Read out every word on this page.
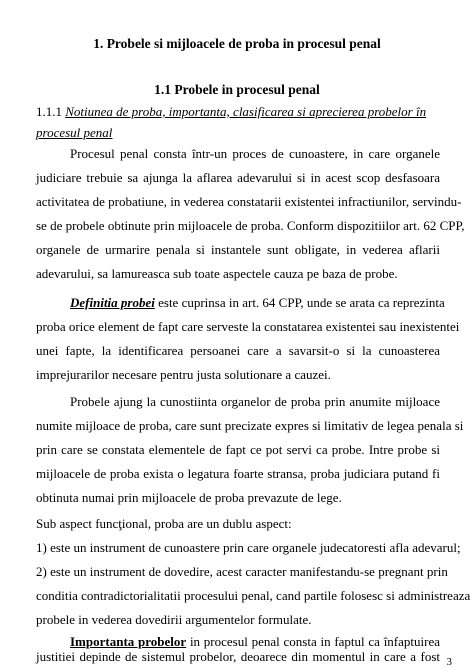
1. Probele si mijloacele de proba in procesul penal
1.1 Probele in procesul penal
1.1.1 Notiunea de proba, importanta, clasificarea si aprecierea probelor în
procesul penal
Procesul penal consta într-un proces de cunoastere, in care organele
judiciare trebuie sa ajunga la aflarea adevarului si in acest scop desfasoara
activitatea de probatiune, in vederea constatarii existentei infractiunilor, servindu-
se de probele obtinute prin mijloacele de proba. Conform dispozitiilor art. 62 CPP,
organele de urmarire penala si instantele sunt obligate, in vederea aflarii
adevarului, sa lamureasca sub toate aspectele cauza pe baza de probe.
Definitia probei este cuprinsa in art. 64 CPP, unde se arata ca reprezinta
proba orice element de fapt care serveste la constatarea existentei sau inexistentei
unei fapte, la identificarea persoanei care a savarsit-o si la cunoasterea
imprejurarilor necesare pentru justa solutionare a cauzei.
Probele ajung la cunostiinta organelor de proba prin anumite mijloace
numite mijloace de proba, care sunt precizate expres si limitativ de legea penala si
prin care se constata elementele de fapt ce pot servi ca probe. Intre probe si
mijloacele de proba exista o legatura foarte stransa, proba judiciara putand fi
obtinuta numai prin mijloacele de proba prevazute de lege.
Sub aspect funcţional, proba are un dublu aspect:
1) este un instrument de cunoastere prin care organele judecatoresti afla adevarul;
2) este un instrument de dovedire, acest caracter manifestandu-se pregnant prin
conditia contradictorialitatii procesului penal, cand partile folosesc si administreaza
probele in vederea dovedirii argumentelor formulate.
Importanta probelor in procesul penal consta in faptul ca înfaptuirea
justitiei depinde de sistemul probelor, deoarece din momentul in care a fost 3
